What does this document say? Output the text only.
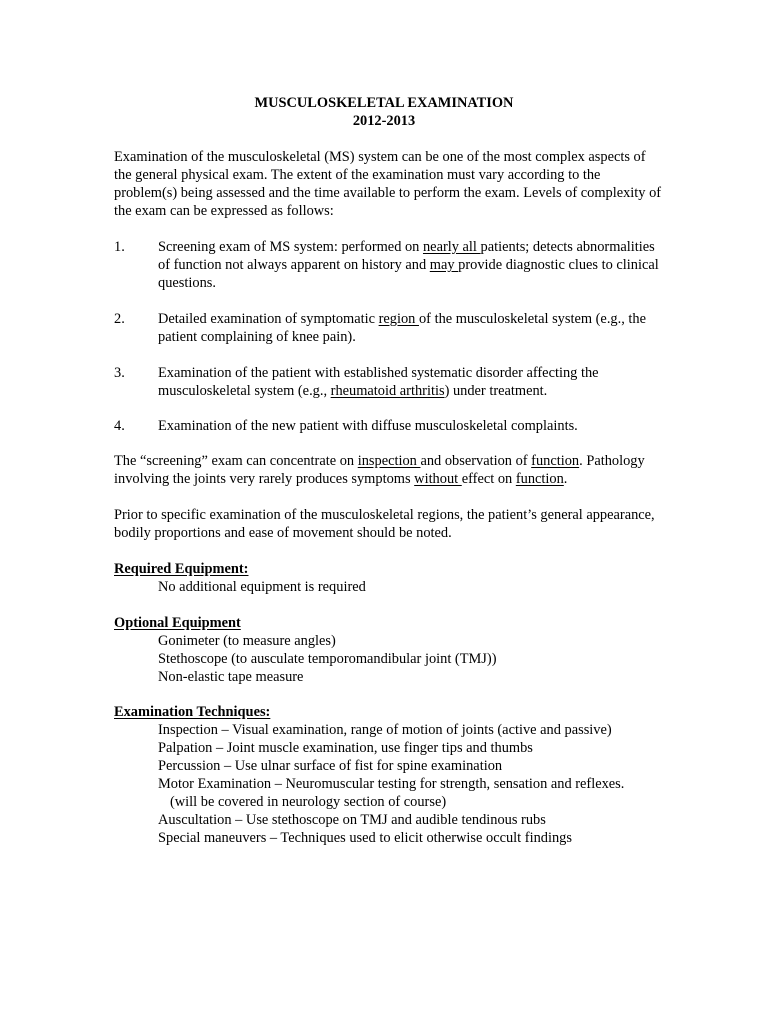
MUSCULOSKELETAL EXAMINATION
2012-2013
Examination of the musculoskeletal (MS) system can be one of the most complex aspects of the general physical exam. The extent of the examination must vary according to the problem(s) being assessed and the time available to perform the exam. Levels of complexity of the exam can be expressed as follows:
1. Screening exam of MS system: performed on nearly all patients; detects abnormalities of function not always apparent on history and may provide diagnostic clues to clinical questions.
2. Detailed examination of symptomatic region of the musculoskeletal system (e.g., the patient complaining of knee pain).
3. Examination of the patient with established systematic disorder affecting the musculoskeletal system (e.g., rheumatoid arthritis) under treatment.
4. Examination of the new patient with diffuse musculoskeletal complaints.
The “screening” exam can concentrate on inspection and observation of function. Pathology involving the joints very rarely produces symptoms without effect on function.
Prior to specific examination of the musculoskeletal regions, the patient’s general appearance, bodily proportions and ease of movement should be noted.
Required Equipment:
No additional equipment is required
Optional Equipment
Gonimeter (to measure angles)
Stethoscope (to ausculate temporomandibular joint (TMJ))
Non-elastic tape measure
Examination Techniques:
Inspection – Visual examination, range of motion of joints (active and passive)
Palpation – Joint muscle examination, use finger tips and thumbs
Percussion – Use ulnar surface of fist for spine examination
Motor Examination – Neuromuscular testing for strength, sensation and reflexes.
(will be covered in neurology section of course)
Auscultation – Use stethoscope on TMJ and audible tendinous rubs
Special maneuvers – Techniques used to elicit otherwise occult findings
